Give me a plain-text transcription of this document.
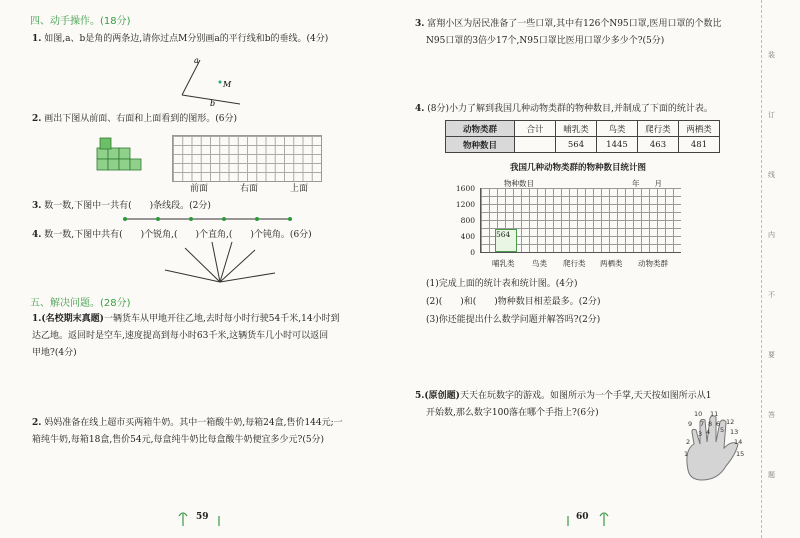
四、动手操作。(18分)
1. 如图,a、b是角的两条边,请你过点M分别画a的平行线和b的垂线。(4分)
a
b
M
2. 画出下图从前面、右面和上面看到的图形。(6分)
前面	右面	上面
3. 数一数,下图中一共有(　　)条线段。(2分)
4. 数一数,下图中共有(　　)个锐角,(　　)个直角,(　　)个钝角。(6分)
五、解决问题。(28分)
1.(名校期末真题)一辆货车从甲地开往乙地,去时每小时行驶54千米,14小时到
达乙地。返回时是空车,速度提高到每小时63千米,这辆货车几小时可以返回
甲地?(4分)
2. 妈妈准备在线上超市买两箱牛奶。其中一箱酸牛奶,每箱24盒,售价144元;一
箱纯牛奶,每箱18盒,售价54元,每盒纯牛奶比每盒酸牛奶便宜多少元?(5分)
59
3. 富翔小区为居民准备了一些口罩,其中有126个N95口罩,医用口罩的个数比
N95口罩的3倍少17个,N95口罩比医用口罩少多少个?(5分)
4. (8分)小力了解到我国几种动物类群的物种数目,并制成了下面的统计表。
动物类群	合计	哺乳类	鸟类	爬行类	两栖类
物种数目		564	1445	463	481
我国几种动物类群的物种数目统计图
物种数目	年　　月
1600
1200
800
400
0
564
哺乳类 鸟类 爬行类 两栖类 动物类群
(1)完成上面的统计表和统计图。(4分)
(2)(　　)和(　　)物种数目相差最多。(2分)
(3)你还能提出什么数学问题并解答吗?(2分)
5.(原创题)天天在玩数字的游戏。如图所示为一个手掌,天天按如图所示从1
开始数,那么数字100落在哪个手指上?(6分)	10 11
9 7 8 6 12
5
4	13
3
14
2
15
1
60
装
订
线
内
不
要
答
题
